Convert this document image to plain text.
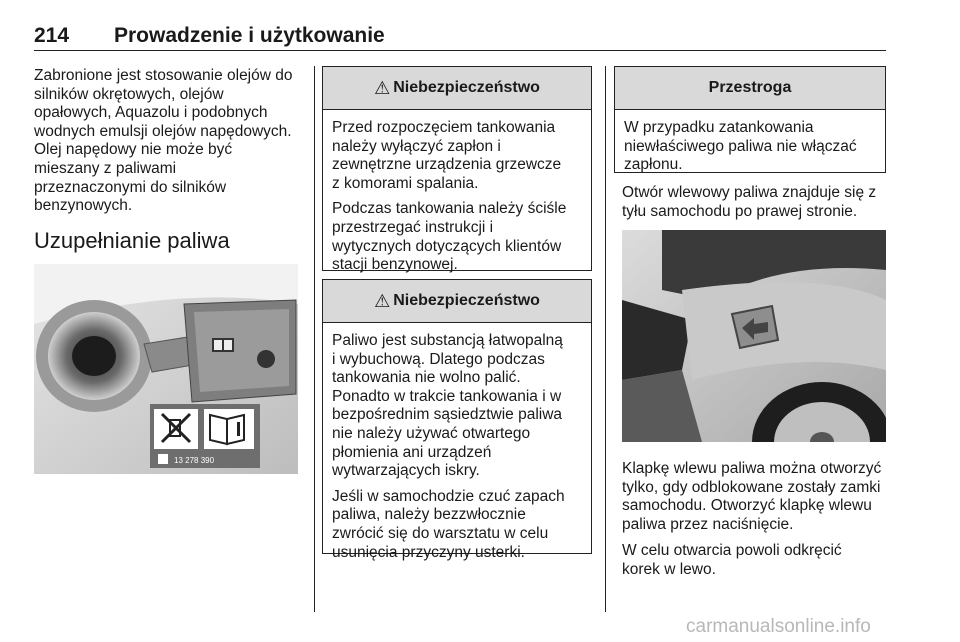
214 Prowadzenie i użytkowanie

Zabronione jest stosowanie olejów do
silników okrętowych, olejów
opałowych, Aquazolu i podobnych
wodnych emulsji olejów napędowych.
Olej napędowy nie może być
mieszany z paliwami
przeznaczonymi do silników
benzynowych.

Uzupełnianie paliwa
13 278 390
⚠ Niebezpieczeństwo

Przed rozpoczęciem tankowania
należy wyłączyć zapłon i
zewnętrzne urządzenia grzewcze
z komorami spalania.

Podczas tankowania należy ściśle
przestrzegać instrukcji i
wytycznych dotyczących klientów
stacji benzynowej.

⚠ Niebezpieczeństwo

Paliwo jest substancją łatwopalną
i wybuchową. Dlatego podczas
tankowania nie wolno palić.
Ponadto w trakcie tankowania i w
bezpośrednim sąsiedztwie paliwa
nie należy używać otwartego
płomienia ani urządzeń
wytwarzających iskry.

Jeśli w samochodzie czuć zapach
paliwa, należy bezzwłocznie
zwrócić się do warsztatu w celu
usunięcia przyczyny usterki.

Przestroga

W przypadku zatankowania
niewłaściwego paliwa nie włączać
zapłonu.

Otwór wlewowy paliwa znajduje się z
tyłu samochodu po prawej stronie.

Klapkę wlewu paliwa można otworzyć
tylko, gdy odblokowane zostały zamki
samochodu. Otworzyć klapkę wlewu
paliwa przez naciśnięcie.

W celu otwarcia powoli odkręcić
korek w lewo.

carmanualsonline.info
